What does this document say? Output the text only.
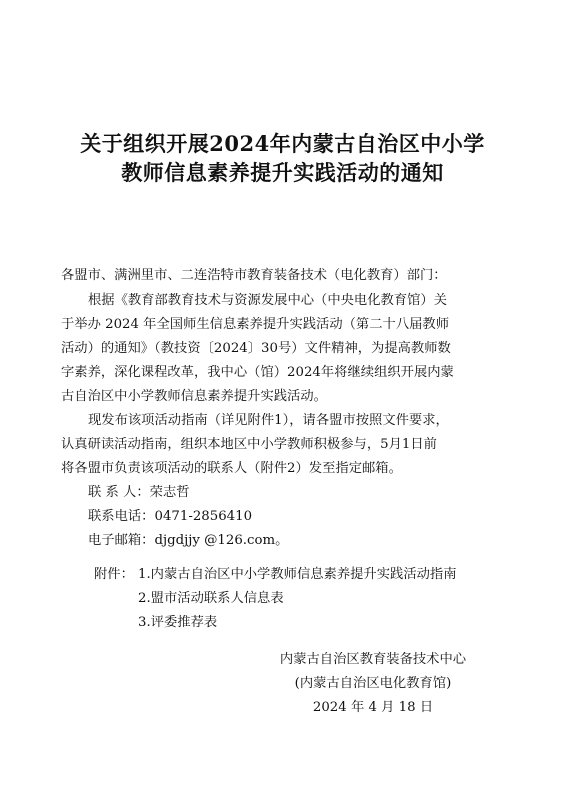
关于组织开展2024年内蒙古自治区中小学
教师信息素养提升实践活动的通知
各盟市、满洲里市、二连浩特市教育装备技术（电化教育）部门：
根据《教育部教育技术与资源发展中心（中央电化教育馆）关
于举办 2024 年全国师生信息素养提升实践活动（第二十八届教师
活动）的通知》（教技资〔2024〕30号）文件精神，为提高教师数
字素养，深化课程改革，我中心（馆）2024年将继续组织开展内蒙
古自治区中小学教师信息素养提升实践活动。
现发布该项活动指南（详见附件1），请各盟市按照文件要求，
认真研读活动指南，组织本地区中小学教师积极参与，5月1日前
将各盟市负责该项活动的联系人（附件2）发至指定邮箱。
联 系 人：荣志哲
联系电话：0471-2856410
电子邮箱：djgdjjy @126.com。
附件： 1.内蒙古自治区中小学教师信息素养提升实践活动指南
2.盟市活动联系人信息表
3.评委推荐表
内蒙古自治区教育装备技术中心
(内蒙古自治区电化教育馆)
2024 年 4 月 18 日
